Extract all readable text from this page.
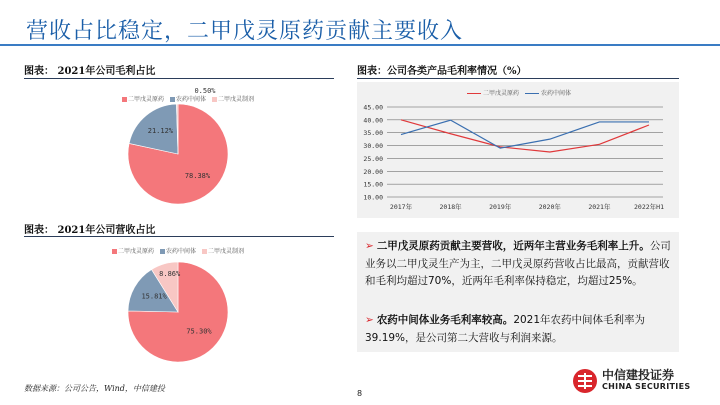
营收占比稳定，二甲戊灵原药贡献主要收入
图表： 2021年公司毛利占比
二甲戊灵原药	农药中间体	二甲戊灵制剂
78.38%
21.12%
0.50%
图表：公司各类产品毛利率情况（%）
二甲戊灵原药	农药中间体
10.00
15.00
20.00
25.00
30.00
35.00
40.00
45.00
2017年	2018年	2019年	2020年	2021年	2022年H1
图表： 2021年公司营收占比
二甲戊灵原药	农药中间体	二甲戊灵制剂
75.30%
15.81%
8.86%
➢ 二甲戊灵原药贡献主要营收，近两年主营业务毛利率上升。公司业务以二甲戊灵生产为主，二甲戊灵原药营收占比最高，贡献营收和毛利均超过70%，近两年毛利率保持稳定，均超过25%。
➢ 农药中间体业务毛利率较高。2021年农药中间体毛利率为39.19%，是公司第二大营收与利润来源。
数据来源：公司公告，Wind，中信建投
8
中信建投证券
CHINA SECURITIES
